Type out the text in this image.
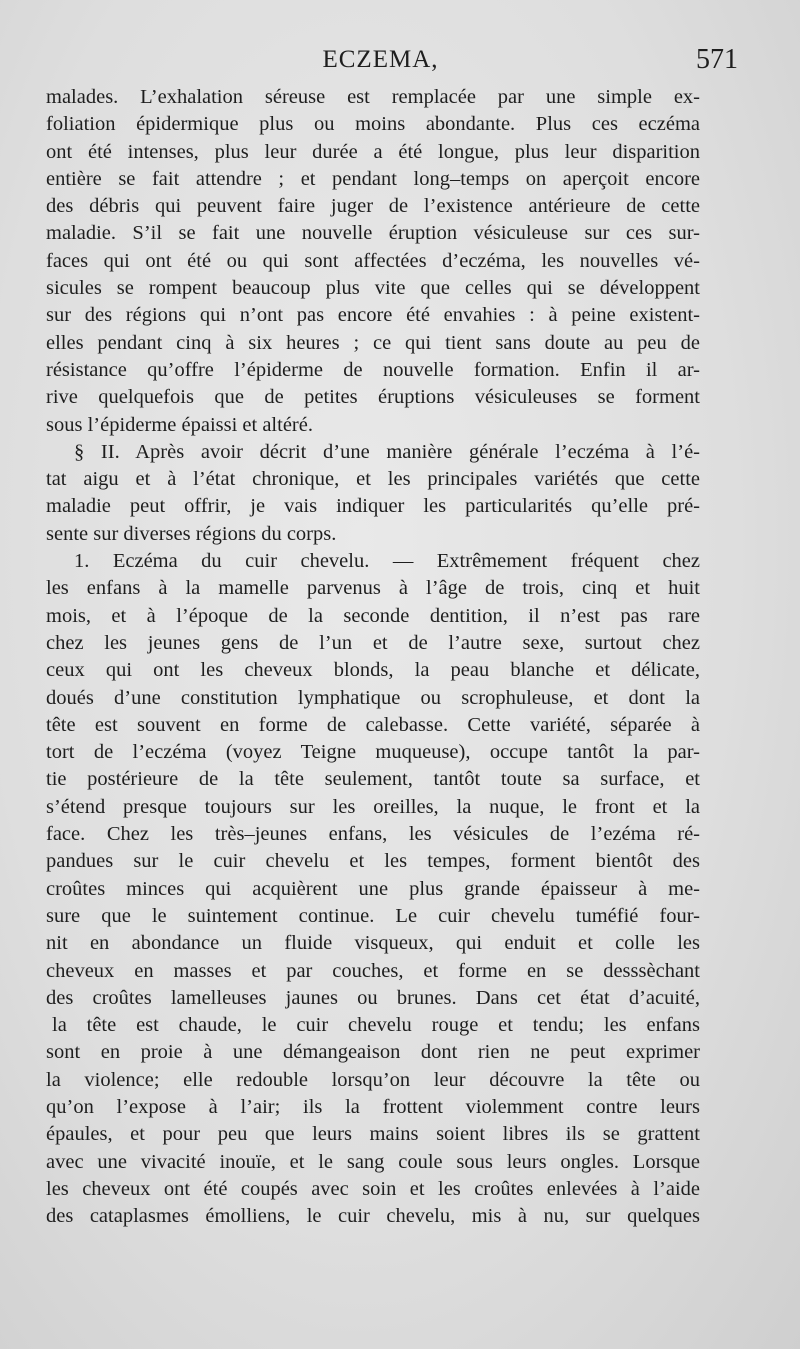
ECZEMA,	571
malades. L’exhalation séreuse est remplacée par une simple ex-
foliation épidermique plus ou moins abondante. Plus ces eczéma
ont été intenses, plus leur durée a été longue, plus leur disparition
entière se fait attendre ; et pendant long–temps on aperçoit encore
des débris qui peuvent faire juger de l’existence antérieure de cette
maladie. S’il se fait une nouvelle éruption vésiculeuse sur ces sur-
faces qui ont été ou qui sont affectées d’eczéma, les nouvelles vé-
sicules se rompent beaucoup plus vite que celles qui se développent
sur des régions qui n’ont pas encore été envahies : à peine existent-
elles pendant cinq à six heures ; ce qui tient sans doute au peu de
résistance qu’offre l’épiderme de nouvelle formation. Enfin il ar-
rive quelquefois que de petites éruptions vésiculeuses se forment
sous l’épiderme épaissi et altéré.
§ II. Après avoir décrit d’une manière générale l’eczéma à l’é-
tat aigu et à l’état chronique, et les principales variétés que cette
maladie peut offrir, je vais indiquer les particularités qu’elle pré-
sente sur diverses régions du corps.
1. Eczéma du cuir chevelu. — Extrêmement fréquent chez
les enfans à la mamelle parvenus à l’âge de trois, cinq et huit
mois, et à l’époque de la seconde dentition, il n’est pas rare
chez les jeunes gens de l’un et de l’autre sexe, surtout chez
ceux qui ont les cheveux blonds, la peau blanche et délicate,
doués d’une constitution lymphatique ou scrophuleuse, et dont la
tête est souvent en forme de calebasse. Cette variété, séparée à
tort de l’eczéma (voyez Teigne muqueuse), occupe tantôt la par-
tie postérieure de la tête seulement, tantôt toute sa surface, et
s’étend presque toujours sur les oreilles, la nuque, le front et la
face. Chez les très–jeunes enfans, les vésicules de l’ezéma ré-
pandues sur le cuir chevelu et les tempes, forment bientôt des
croûtes minces qui acquièrent une plus grande épaisseur à me-
sure que le suintement continue. Le cuir chevelu tuméfié four-
nit en abondance un fluide visqueux, qui enduit et colle les
cheveux en masses et par couches, et forme en se desssèchant
des croûtes lamelleuses jaunes ou brunes. Dans cet état d’acuité,
la tête est chaude, le cuir chevelu rouge et tendu; les enfans
sont en proie à une démangeaison dont rien ne peut exprimer
la violence; elle redouble lorsqu’on leur découvre la tête ou
qu’on l’expose à l’air; ils la frottent violemment contre leurs
épaules, et pour peu que leurs mains soient libres ils se grattent
avec une vivacité inouïe, et le sang coule sous leurs ongles. Lorsque
les cheveux ont été coupés avec soin et les croûtes enlevées à l’aide
des cataplasmes émolliens, le cuir chevelu, mis à nu, sur quelques
